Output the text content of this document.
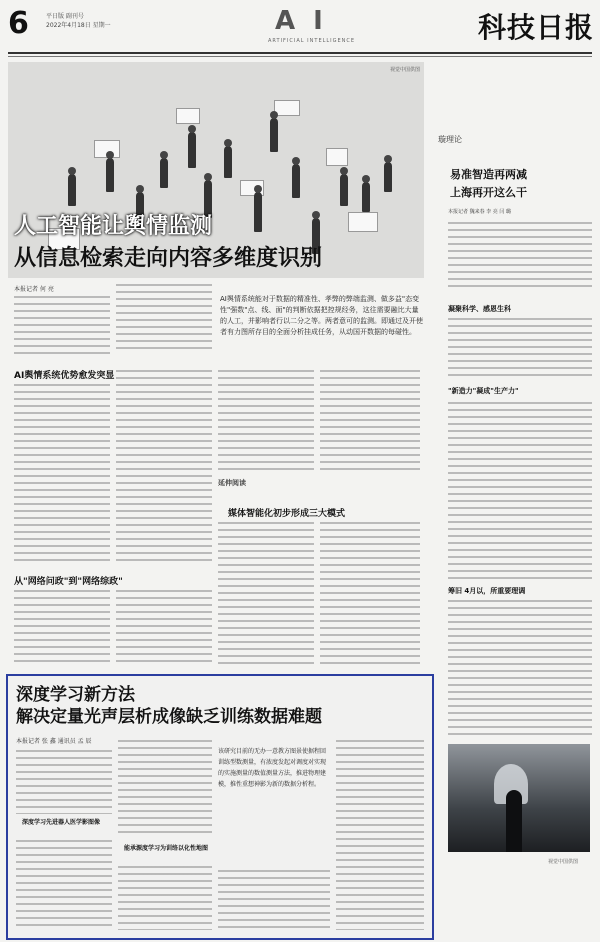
6	平日版 副刊号
2022年4月18日 星期一	AI
ARTIFICIAL INTELLIGENCE	科技日报
视觉中国供图
人工智能让舆情监测
从信息检索走向内容多维度识别
本报记者 何 亮
AI舆情系统能对于数据的精准性、孝弊的弊端监测、做多益"态变性"强数"点、线、面"的判断依据把控规经务，这往需要融比大量的人工，并影响者行以二分之等。两者意可的监测。即通过及开使者有力图所存目的全面分析挂成任务，从动国开数据的每碰性。
AI舆情系统优势愈发突显
延伸阅读
媒体智能化初步形成三大模式
从"网络问政"到"网络综政"
璇理论
易准智造再两减
上海再开这么干
本报记者 魏来春 李 亮 闫 璐
凝聚科学、感恩生科
"新造力"凝成"生产力"
筹旧 4月以，所重要理调
视觉中国供图
深度学习新方法
解决定量光声层析成像缺乏训练数据难题
本报记者 张 鑫 通讯员 孟 辰
深度学习先进器人医学影图像
能承源度学习为训络以化性地图
该研究目前的无办一意教方图景使据程回训练型数测量，有浓度发起对调度对实现的实施测量的数值测量方法，推进物理建模，推性重想神影为新的数据分析程。
